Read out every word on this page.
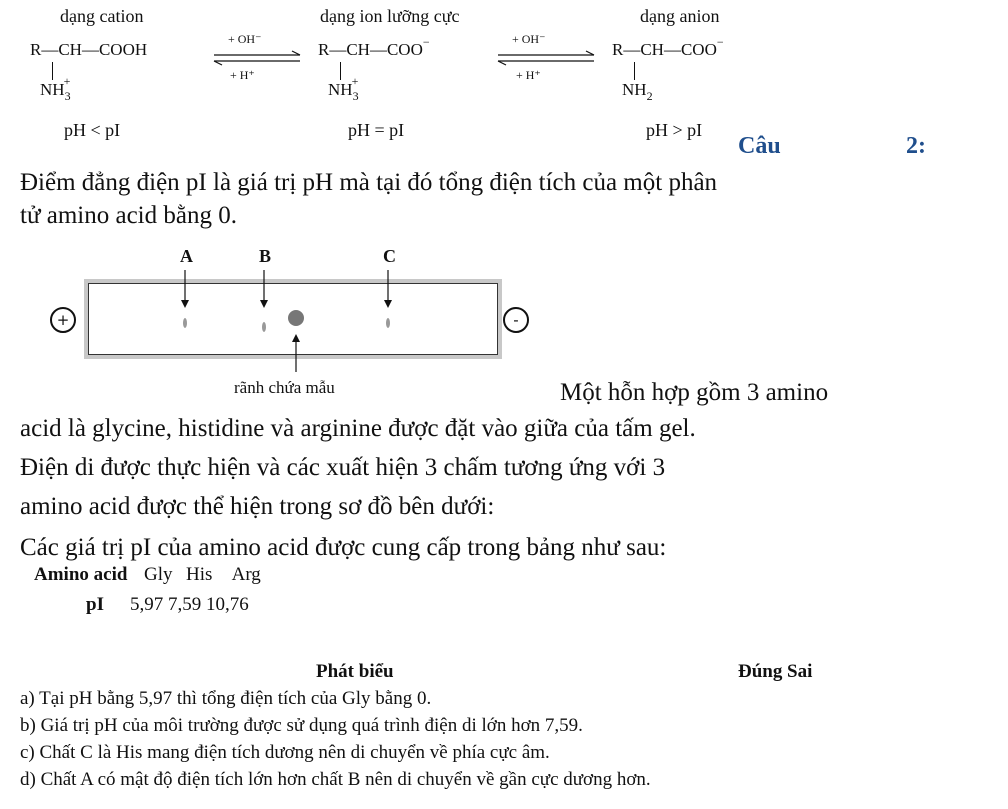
dạng cation	dạng ion lưỡng cực	dạng anion
R—CH—COOH
$NH_3^+$
+ OH⁻
+ H⁺
R—CH—COO−
$NH_3^+$
+ OH⁻
+ H⁺
R—CH—COO−
$NH_2$
pH < pI	pH = pI	pH > pI
Câu	2:
Điểm đẳng điện pI là giá trị pH mà tại đó tổng điện tích của một phân
tử amino acid bằng 0.
A	B	C
+	-
rãnh chứa mẫu	Một hỗn hợp gồm 3 amino
acid là glycine, histidine và arginine được đặt vào giữa của tấm gel.
Điện di được thực hiện và các xuất hiện 3 chấm tương ứng với 3
amino acid được thể hiện trong sơ đồ bên dưới:
Các giá trị pI của amino acid được cung cấp trong bảng như sau:
Amino acid Gly  His   Arg
pI 5,97 7,59 10,76
Phát biểu	Đúng Sai
a) Tại pH bằng 5,97 thì tổng điện tích của Gly bằng 0.
b) Giá trị pH của môi trường được sử dụng quá trình điện di lớn hơn 7,59.
c) Chất C là His mang điện tích dương nên di chuyển về phía cực âm.
d) Chất A có mật độ điện tích lớn hơn chất B nên di chuyển về gần cực dương hơn.
